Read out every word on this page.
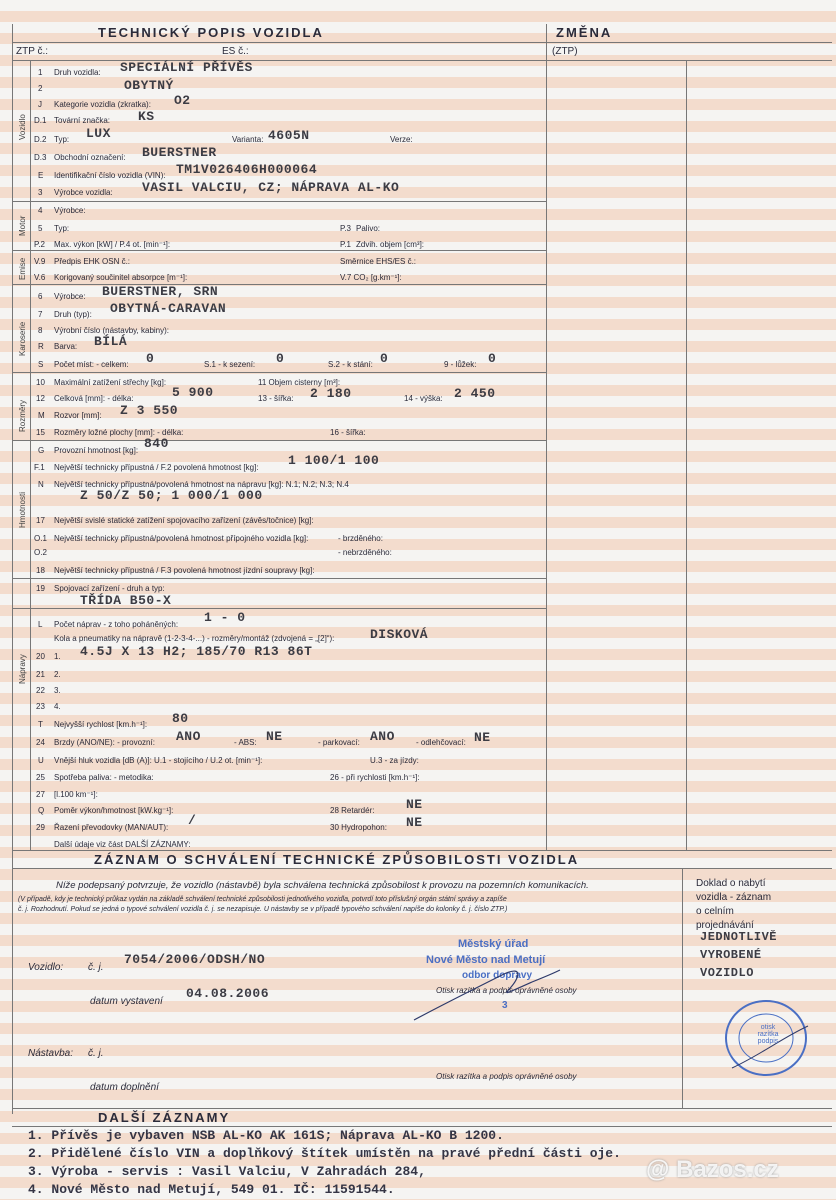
TECHNICKÝ POPIS VOZIDLA	ZMĚNA
ZTP č.:	ES č.:	(ZTP)
Vozidlo
Motor
Emise
Karoserie
Rozměry
Hmotnosti
Nápravy
1 Druh vozidla: SPECIÁLNÍ PŘÍVĚS
2	OBYTNÝ
J Kategorie vozidla (zkratka): O2
D.1 Tovární značka: KS
D.2 Typ: LUX	Varianta: 4605N	Verze:
D.3 Obchodní označení: BUERSTNER
E Identifikační číslo vozidla (VIN): TM1V026406H000064
3 Výrobce vozidla: VASIL VALCIU, CZ; NÁPRAVA AL-KO
4 Výrobce:
5 Typ:	P.3 Palivo:
P.2 Max. výkon [kW] / P.4 ot. [min⁻¹]:	P.1 Zdvih. objem [cm³]:
V.9 Předpis EHK OSN č.:	Směrnice EHS/ES č.:
V.6 Korigovaný součinitel absorpce [m⁻¹]:	V.7 CO₂ [g.km⁻¹]:
6 Výrobce: BUERSTNER, SRN
7 Druh (typ): OBYTNÁ-CARAVAN
8 Výrobní číslo (nástavby, kabiny):
R Barva: BÍLÁ
S Počet míst: - celkem: 0	S.1 - k sezení: 0	S.2 - k stání: 0	9 - lůžek: 0
10 Maximální zatížení střechy [kg]:	11 Objem cisterny [m³]:
12 Celková [mm]: - délka:	5 900	13 - šířka: 2 180	14 - výška: 2 450
M Rozvor [mm]: Z 3 550
15 Rozměry ložné plochy [mm]: - délka:	16 - šířka:
G Provozní hmotnost [kg]: 840
F.1 Největší technicky přípustná / F.2 povolená hmotnost [kg]: 1 100/1 100
N Největší technicky přípustná/povolená hmotnost na nápravu [kg]: N.1; N.2; N.3; N.4
Z 50/Z 50; 1 000/1 000
17 Největší svislé statické zatížení spojovacího zařízení (závěs/točnice) [kg]:
O.1 Největší technicky přípustná/povolená hmotnost přípojného vozidla [kg]:	- brzděného:
O.2	- nebrzděného:
18 Největší technicky přípustná / F.3 povolená hmotnost jízdní soupravy [kg]:
19 Spojovací zařízení - druh a typ:
TŘÍDA B50-X
L Počet náprav - z toho poháněných: 1 - 0
Kola a pneumatiky na nápravě (1-2-3-4-...) - rozměry/montáž (zdvojená = „[2]“):	DISKOVÁ
20 1. 4.5J X 13 H2; 185/70 R13 86T
21 2.
22 3.
23 4.
T Nejvyšší rychlost [km.h⁻¹]: 80
24 Brzdy (ANO/NE): - provozní: ANO	- ABS: NE	- parkovací: ANO	- odlehčovací: NE
U Vnější hluk vozidla [dB (A)]: U.1 - stojícího / U.2 ot. [min⁻¹]:	U.3 - za jízdy:
25 Spotřeba paliva: - metodika:	26 - při rychlosti [km.h⁻¹]:
27 [l.100 km⁻¹]:
Q Poměr výkon/hmotnost [kW.kg⁻¹]:	28 Retardér: NE
29 Řazení převodovky (MAN/AUT): /	30 Hydropohon: NE
Další údaje viz část DALŠÍ ZÁZNAMY:
ZÁZNAM O SCHVÁLENÍ TECHNICKÉ ZPŮSOBILOSTI VOZIDLA
Níže podepsaný potvrzuje, že vozidlo (nástavbě) byla schválena technická způsobilost k provozu na pozemních komunikacích.
(V případě, kdy je technický průkaz vydán na základě schválení technické způsobilosti jednotlivého vozidla, potvrdí toto příslušný orgán státní správy a zapíše
č. j. Rozhodnutí. Pokud se jedná o typové schválení vozidla č. j. se nezapisuje. U nástavby se v případě typového schválení napíše do kolonky č. j. číslo ZTP.)
Vozidlo: č. j.
7054/2006/ODSH/NO
datum vystavení
04.08.2006	Otisk razítka a podpis oprávněné osoby
Nástavba: č. j.
datum doplnění
Otisk razítka a podpis oprávněné osoby
Městský úřad
Nové Město nad Metují
odbor dopravy
3
Doklad o nabytí
vozidla - záznam
o celním
projednávání
JEDNOTLIVĚ
VYROBENÉ
VOZIDLO
otisk razítka podpis
DALŠÍ ZÁZNAMY
1. Přívěs je vybaven NSB AL-KO AK 161S; Náprava AL-KO B 1200.
2. Přidělené číslo VIN a doplňkový štítek umístěn na pravé přední části oje.
3. Výroba - servis : Vasil Valciu, V Zahradách 284,
4. Nové Město nad Metují, 549 01. IČ: 11591544.
@ Bazos.cz
